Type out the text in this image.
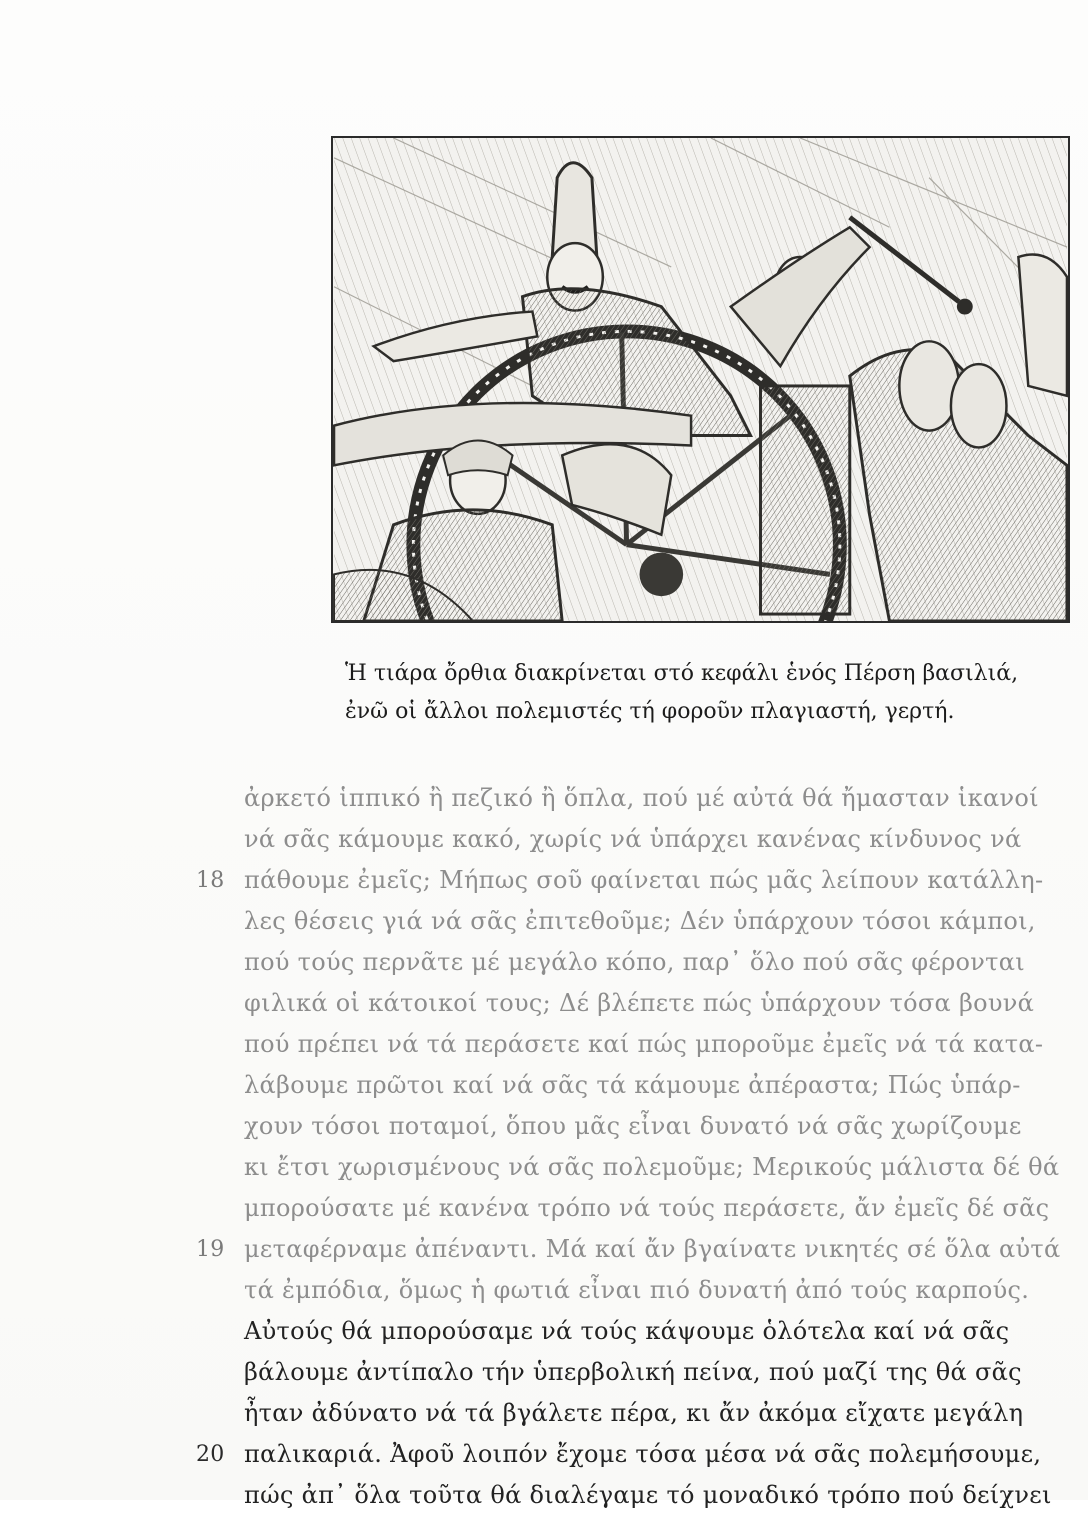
Ἡ τιάρα ὄρθια διακρίνεται στό κεφάλι ἑνός Πέρση βασιλιά,
ἐνῶ οἱ ἄλλοι πολεμιστές τή φοροῦν πλαγιαστή, γερτή.
ἀρκετό ἱππικό ἢ πεζικό ἢ ὅπλα, πού μέ αὐτά θά ἤμασταν ἱκανοί
νά σᾶς κάμουμε κακό, χωρίς νά ὑπάρχει κανένας κίνδυνος νά
18 πάθουμε ἐμεῖς; Μήπως σοῦ φαίνεται πώς μᾶς λείπουν κατάλλη-
λες θέσεις γιά νά σᾶς ἐπιτεθοῦμε; Δέν ὑπάρχουν τόσοι κάμποι,
πού τούς περνᾶτε μέ μεγάλο κόπο, παρ᾽ ὅλο πού σᾶς φέρονται
φιλικά οἱ κάτοικοί τους; Δέ βλέπετε πώς ὑπάρχουν τόσα βουνά
πού πρέπει νά τά περάσετε καί πώς μποροῦμε ἐμεῖς νά τά κατα-
λάβουμε πρῶτοι καί νά σᾶς τά κάμουμε ἀπέραστα; Πώς ὑπάρ-
χουν τόσοι ποταμοί, ὅπου μᾶς εἶναι δυνατό νά σᾶς χωρίζουμε
κι ἔτσι χωρισμένους νά σᾶς πολεμοῦμε; Μερικούς μάλιστα δέ θά
μπορούσατε μέ κανένα τρόπο νά τούς περάσετε, ἄν ἐμεῖς δέ σᾶς
19 μεταφέρναμε ἀπέναντι. Μά καί ἄν βγαίνατε νικητές σέ ὅλα αὐτά
τά ἐμπόδια, ὅμως ἡ φωτιά εἶναι πιό δυνατή ἀπό τούς καρπούς.
Αὐτούς θά μπορούσαμε νά τούς κάψουμε ὁλότελα καί νά σᾶς
βάλουμε ἀντίπαλο τήν ὑπερβολική πείνα, πού μαζί της θά σᾶς
ἦταν ἀδύνατο νά τά βγάλετε πέρα, κι ἄν ἀκόμα εἴχατε μεγάλη
20 παλικαριά. Ἀφοῦ λοιπόν ἔχομε τόσα μέσα νά σᾶς πολεμήσουμε,
πώς ἀπ᾽ ὅλα τοῦτα θά διαλέγαμε τό μοναδικό τρόπο πού δείχνει
